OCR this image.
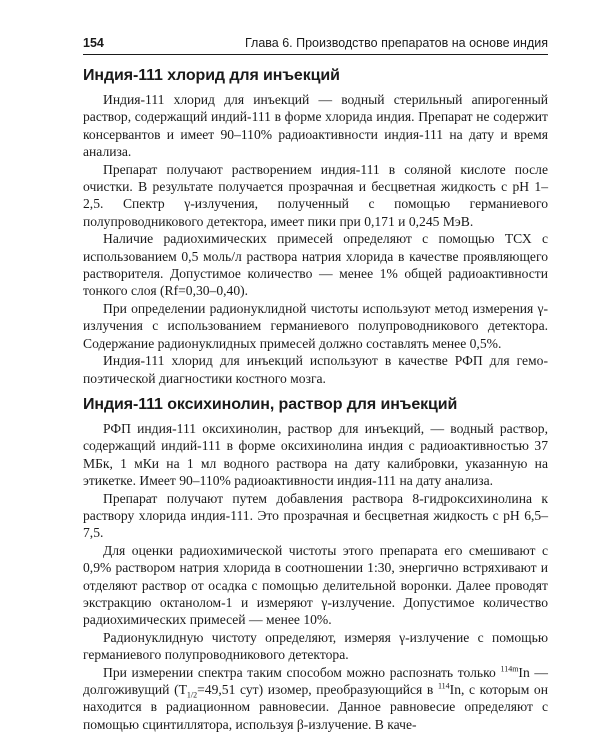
154	Глава 6. Производство препаратов на основе индия
Индия-111 хлорид для инъекций

Индия-111 хлорид для инъекций — водный стерильный апирогенный раствор, содержащий индий-111 в форме хлорида индия. Препарат не содержит консервантов и имеет 90–110% радиоактивности индия-111 на дату и время анализа.

Препарат получают растворением индия-111 в соляной кислоте после очистки. В результате получается прозрачная и бесцветная жидкость с pH 1–2,5. Спектр γ-излучения, полученный с помощью германиевого полупроводникового детектора, имеет пики при 0,171 и 0,245 МэВ.

Наличие радиохимических примесей определяют с помощью ТСХ с использованием 0,5 моль/л раствора натрия хлорида в качестве проявляющего растворителя. Допустимое количество — менее 1% общей радиоактивности тонкого слоя (Rf=0,30–0,40).

При определении радионуклидной чистоты используют метод измерения γ-излучения с использованием германиевого полупроводникового детектора. Содержание радионуклидных примесей должно составлять менее 0,5%.

Индия-111 хлорид для инъекций используют в качестве РФП для гемопоэтической диагностики костного мозга.

Индия-111 оксихинолин, раствор для инъекций

РФП индия-111 оксихинолин, раствор для инъекций, — водный раствор, содержащий индий-111 в форме оксихинолина индия с радиоактивностью 37 МБк, 1 мКи на 1 мл водного раствора на дату калибровки, указанную на этикетке. Имеет 90–110% радиоактивности индия-111 на дату анализа.

Препарат получают путем добавления раствора 8-гидроксихинолина к раствору хлорида индия-111. Это прозрачная и бесцветная жидкость с pH 6,5–7,5.

Для оценки радиохимической чистоты этого препарата его смешивают с 0,9% раствором натрия хлорида в соотношении 1:30, энергично встряхивают и отделяют раствор от осадка с помощью делительной воронки. Далее проводят экстракцию октанолом-1 и измеряют γ-излучение. Допустимое количество радиохимических примесей — менее 10%.

Радионуклидную чистоту определяют, измеряя γ-излучение с помощью германиевого полупроводникового детектора.

При измерении спектра таким способом можно распознать только $^{114m}$In — долгоживущий ($T_{1/2}=49,51$ сут) изомер, преобразующийся в $^{114}$In, с которым он находится в радиационном равновесии. Данное равновесие определяют с помощью сцинтиллятора, используя β-излучение. В каче-
